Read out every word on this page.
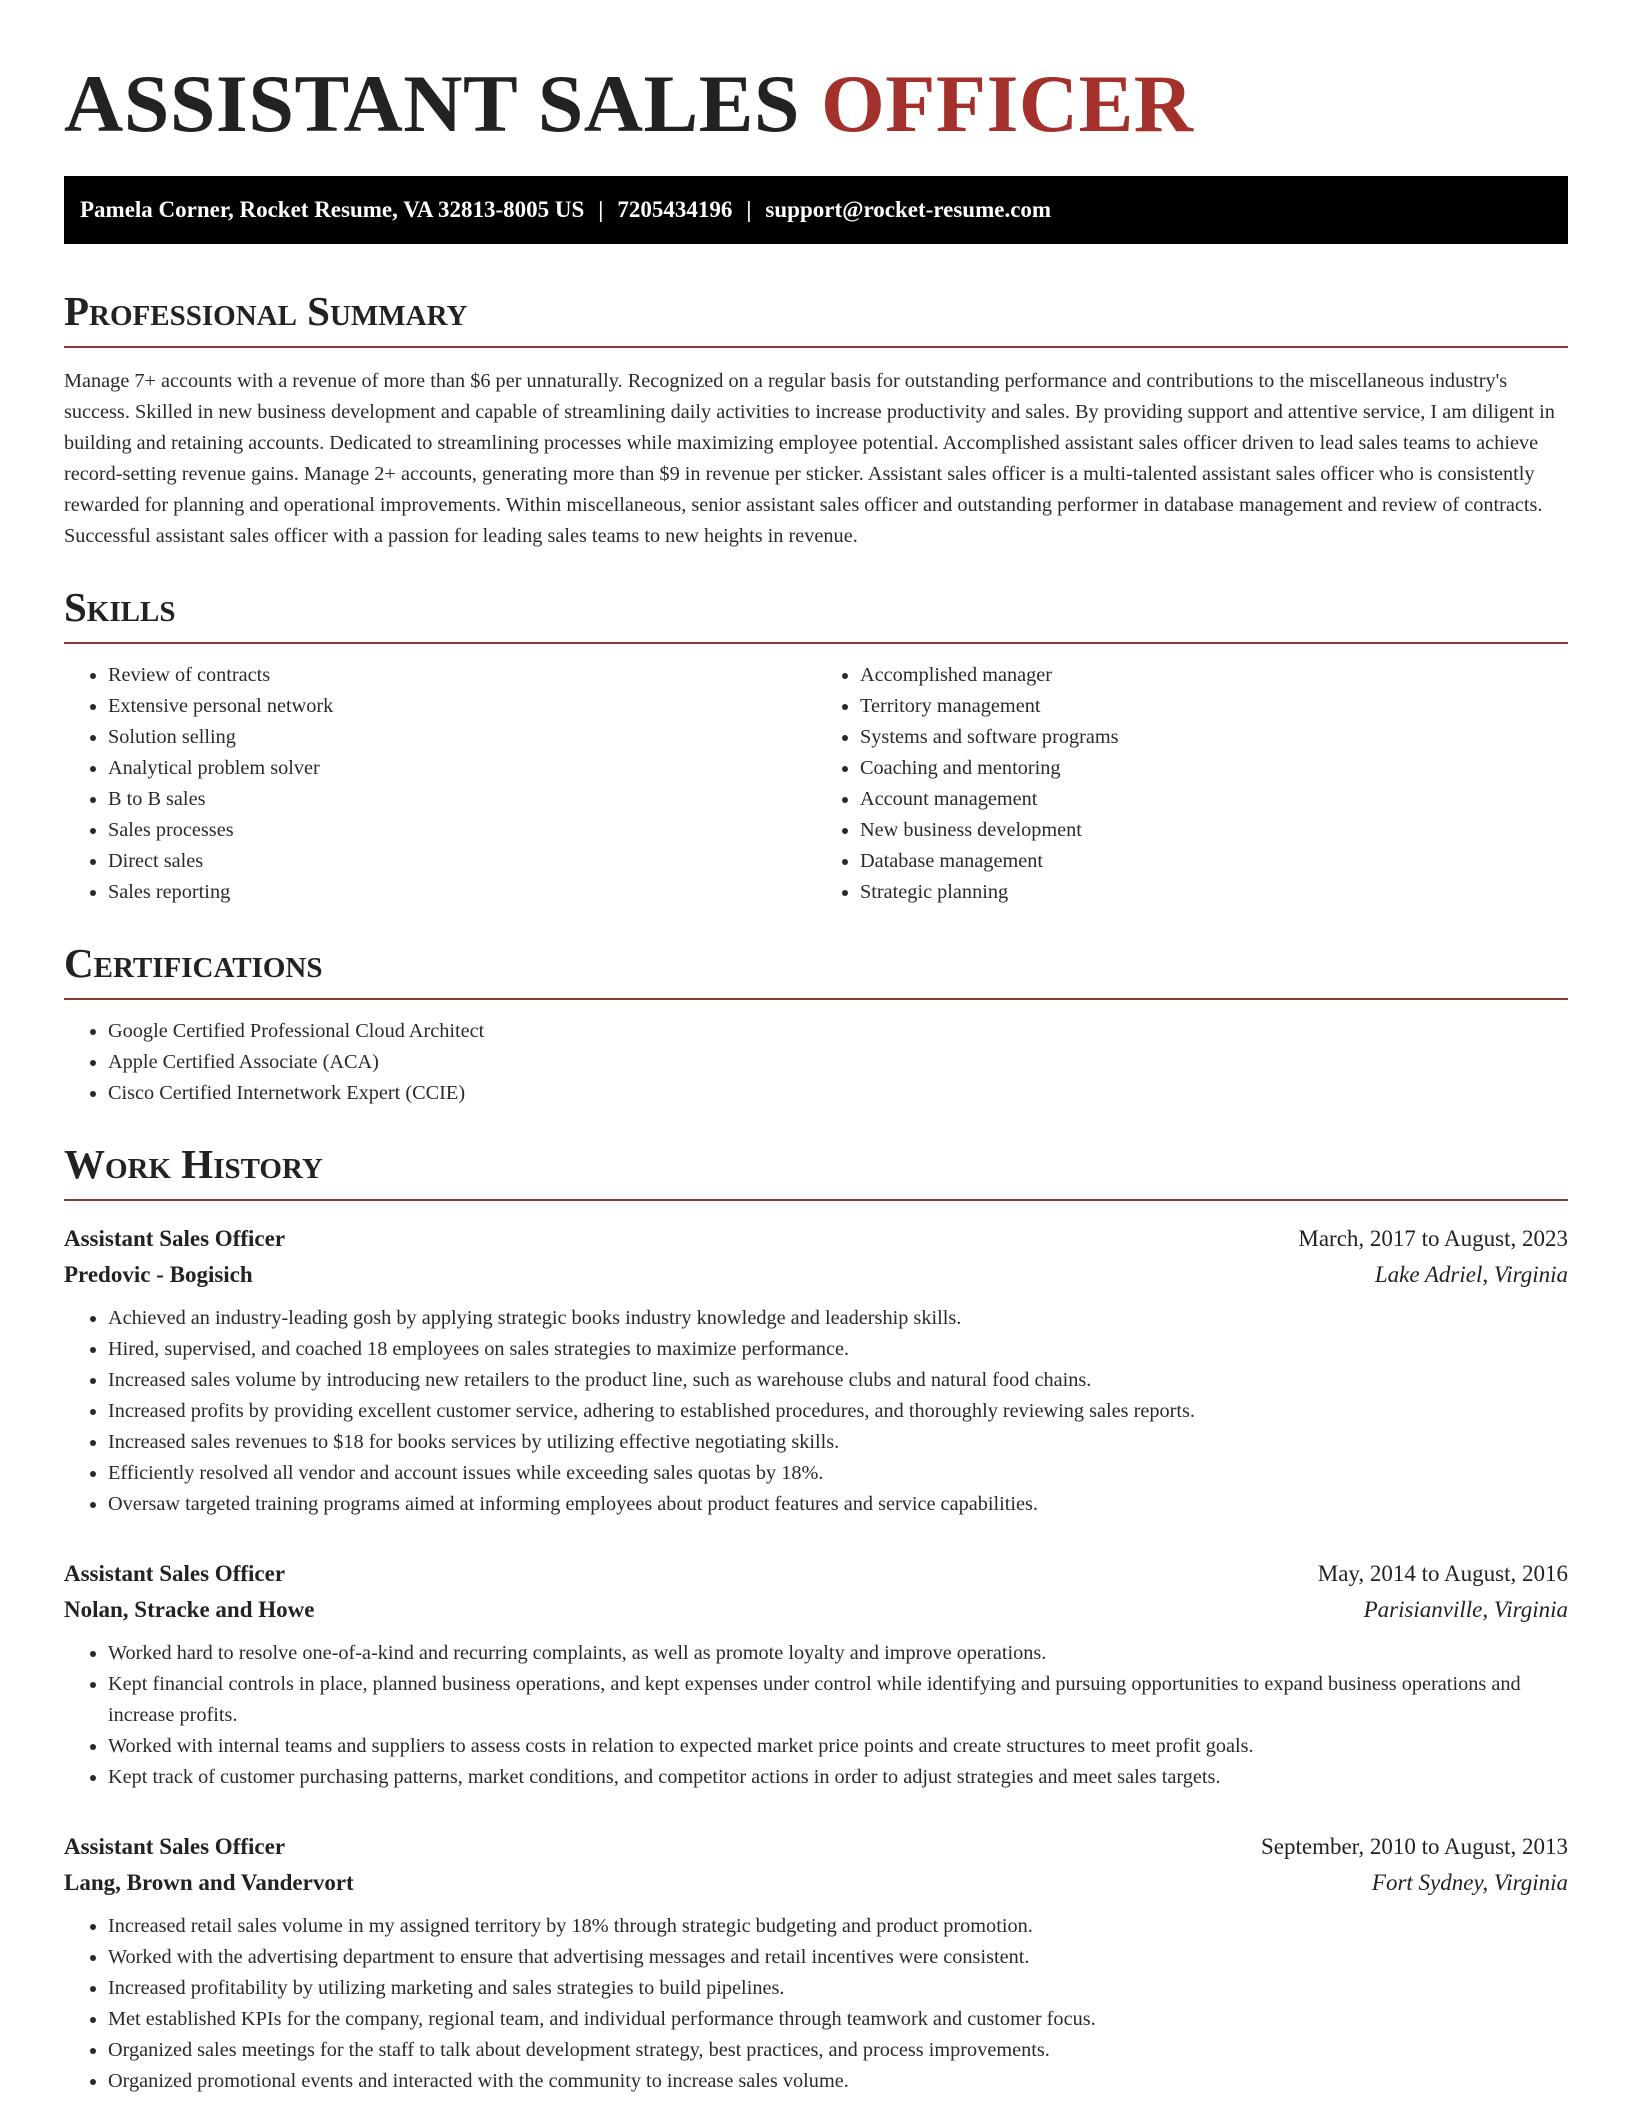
ASSISTANT SALES OFFICER
Pamela Corner, Rocket Resume, VA 32813-8005 US | 7205434196 | support@rocket-resume.com
Professional Summary

Manage 7+ accounts with a revenue of more than $6 per unnaturally. Recognized on a regular basis for outstanding performance and contributions to the miscellaneous industry's success. Skilled in new business development and capable of streamlining daily activities to increase productivity and sales. By providing support and attentive service, I am diligent in building and retaining accounts. Dedicated to streamlining processes while maximizing employee potential. Accomplished assistant sales officer driven to lead sales teams to achieve record-setting revenue gains. Manage 2+ accounts, generating more than $9 in revenue per sticker. Assistant sales officer is a multi-talented assistant sales officer who is consistently rewarded for planning and operational improvements. Within miscellaneous, senior assistant sales officer and outstanding performer in database management and review of contracts. Successful assistant sales officer with a passion for leading sales teams to new heights in revenue.

Skills
• Review of contracts
• Extensive personal network
• Solution selling
• Analytical problem solver
• B to B sales
• Sales processes
• Direct sales
• Sales reporting
• Accomplished manager
• Territory management
• Systems and software programs
• Coaching and mentoring
• Account management
• New business development
• Database management
• Strategic planning
Certifications
• Google Certified Professional Cloud Architect
• Apple Certified Associate (ACA)
• Cisco Certified Internetwork Expert (CCIE)
Work History
Assistant Sales Officer	March, 2017 to August, 2023
Predovic - Bogisich	Lake Adriel, Virginia
• Achieved an industry-leading gosh by applying strategic books industry knowledge and leadership skills.
• Hired, supervised, and coached 18 employees on sales strategies to maximize performance.
• Increased sales volume by introducing new retailers to the product line, such as warehouse clubs and natural food chains.
• Increased profits by providing excellent customer service, adhering to established procedures, and thoroughly reviewing sales reports.
• Increased sales revenues to $18 for books services by utilizing effective negotiating skills.
• Efficiently resolved all vendor and account issues while exceeding sales quotas by 18%.
• Oversaw targeted training programs aimed at informing employees about product features and service capabilities.
Assistant Sales Officer	May, 2014 to August, 2016
Nolan, Stracke and Howe	Parisianville, Virginia
• Worked hard to resolve one-of-a-kind and recurring complaints, as well as promote loyalty and improve operations.
• Kept financial controls in place, planned business operations, and kept expenses under control while identifying and pursuing opportunities to expand business operations and increase profits.
• Worked with internal teams and suppliers to assess costs in relation to expected market price points and create structures to meet profit goals.
• Kept track of customer purchasing patterns, market conditions, and competitor actions in order to adjust strategies and meet sales targets.
Assistant Sales Officer	September, 2010 to August, 2013
Lang, Brown and Vandervort	Fort Sydney, Virginia
• Increased retail sales volume in my assigned territory by 18% through strategic budgeting and product promotion.
• Worked with the advertising department to ensure that advertising messages and retail incentives were consistent.
• Increased profitability by utilizing marketing and sales strategies to build pipelines.
• Met established KPIs for the company, regional team, and individual performance through teamwork and customer focus.
• Organized sales meetings for the staff to talk about development strategy, best practices, and process improvements.
• Organized promotional events and interacted with the community to increase sales volume.
